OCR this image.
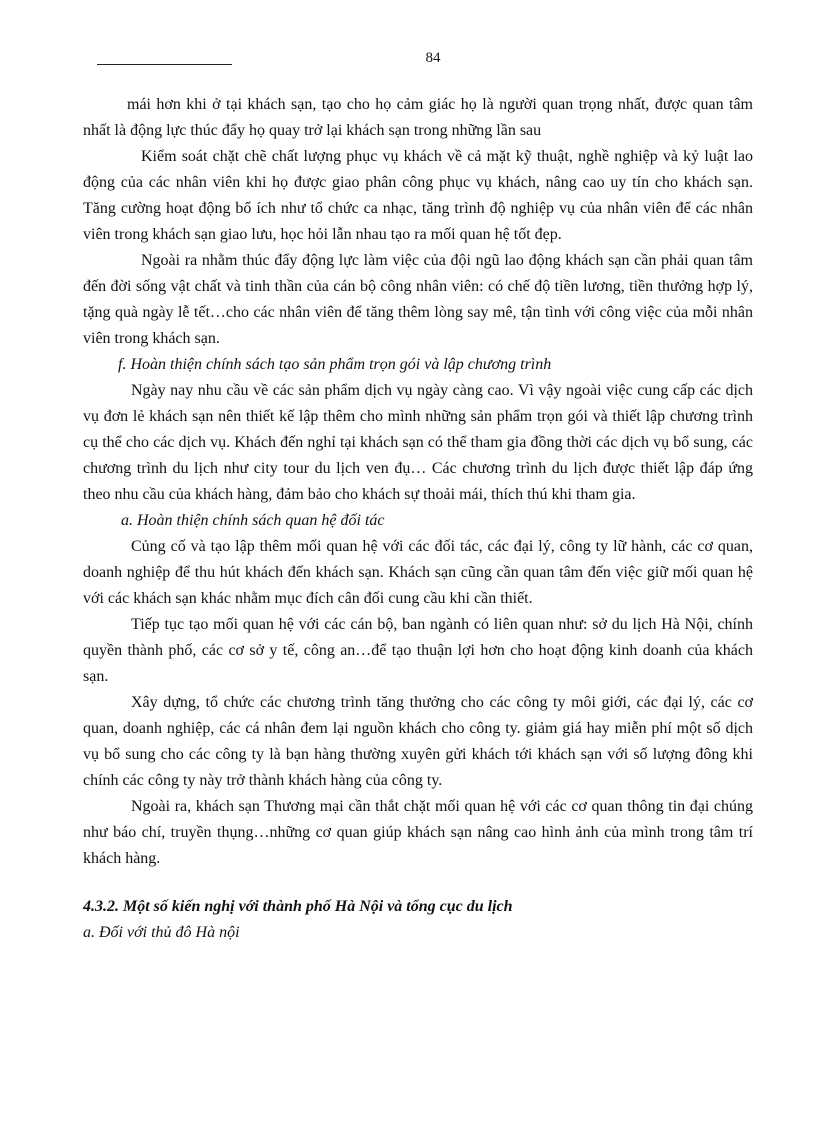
84

mái hơn khi ở tại khách sạn, tạo cho họ cảm giác họ là người quan trọng nhất, được quan tâm nhất là động lực thúc đẩy họ quay trở lại khách sạn trong những lần sau

Kiểm soát chặt chẽ chất lượng phục vụ khách về cả mặt kỹ thuật, nghề nghiệp và kỷ luật lao động của các nhân viên khi họ được giao phân công phục vụ khách, nâng cao uy tín cho khách sạn. Tăng cường hoạt động bổ ích như tổ chức ca nhạc, tăng trình độ nghiệp vụ của nhân viên để các nhân viên trong khách sạn giao lưu, học hỏi lẫn nhau tạo ra mối quan hệ tốt đẹp.

Ngoài ra nhằm thúc đẩy động lực làm việc của đội ngũ lao động khách sạn cần phải quan tâm đến đời sống vật chất và tinh thần của cán bộ công nhân viên: có chế độ tiền lương, tiền thưởng hợp lý, tặng quà ngày lễ tết…cho các nhân viên để tăng thêm lòng say mê, tận tình với công việc của mỗi nhân viên trong khách sạn.

f. Hoàn thiện chính sách tạo sản phẩm trọn gói và lập chương trình

Ngày nay nhu cầu về các sản phẩm dịch vụ ngày càng cao. Vì vậy ngoài việc cung cấp các dịch vụ đơn lẻ khách sạn nên thiết kế lập thêm cho mình những sản phẩm trọn gói và thiết lập chương trình cụ thể cho các dịch vụ. Khách đến nghỉ tại khách sạn có thể tham gia đồng thời các dịch vụ bổ sung, các chương trình du lịch như city tour du lịch ven đụ… Các chương trình du lịch được thiết lập đáp ứng theo nhu cầu của khách hàng, đảm bảo cho khách sự thoải mái, thích thú khi tham gia.

a. Hoàn thiện chính sách quan hệ đối tác

Củng cố và tạo lập thêm mối quan hệ với các đối tác, các đại lý, công ty lữ hành, các cơ quan, doanh nghiệp để thu hút khách đến khách sạn. Khách sạn cũng cần quan tâm đến việc giữ mối quan hệ với các khách sạn khác nhằm mục đích cân đối cung cầu khi cần thiết.

Tiếp tục tạo mối quan hệ với các cán bộ, ban ngành có liên quan như: sở du lịch Hà Nội, chính quyền thành phố, các cơ sở y tế, công an…để tạo thuận lợi hơn cho hoạt động kinh doanh của khách sạn.

Xây dựng, tổ chức các chương trình tăng thưởng cho các công ty môi giới, các đại lý, các cơ quan, doanh nghiệp, các cá nhân đem lại nguồn khách cho công ty. giảm giá hay miễn phí một số dịch vụ bổ sung cho các công ty là bạn hàng thường xuyên gửi khách tới khách sạn với số lượng đông khi chính các công ty này trở thành khách hàng của công ty.

Ngoài ra, khách sạn Thương mại cần thắt chặt mối quan hệ với các cơ quan thông tin đại chúng như báo chí, truyền thụng…những cơ quan giúp khách sạn nâng cao hình ảnh của mình trong tâm trí khách hàng.

4.3.2. Một số kiến nghị với thành phố Hà Nội và tổng cục du lịch

a. Đối với thủ đô Hà nội
